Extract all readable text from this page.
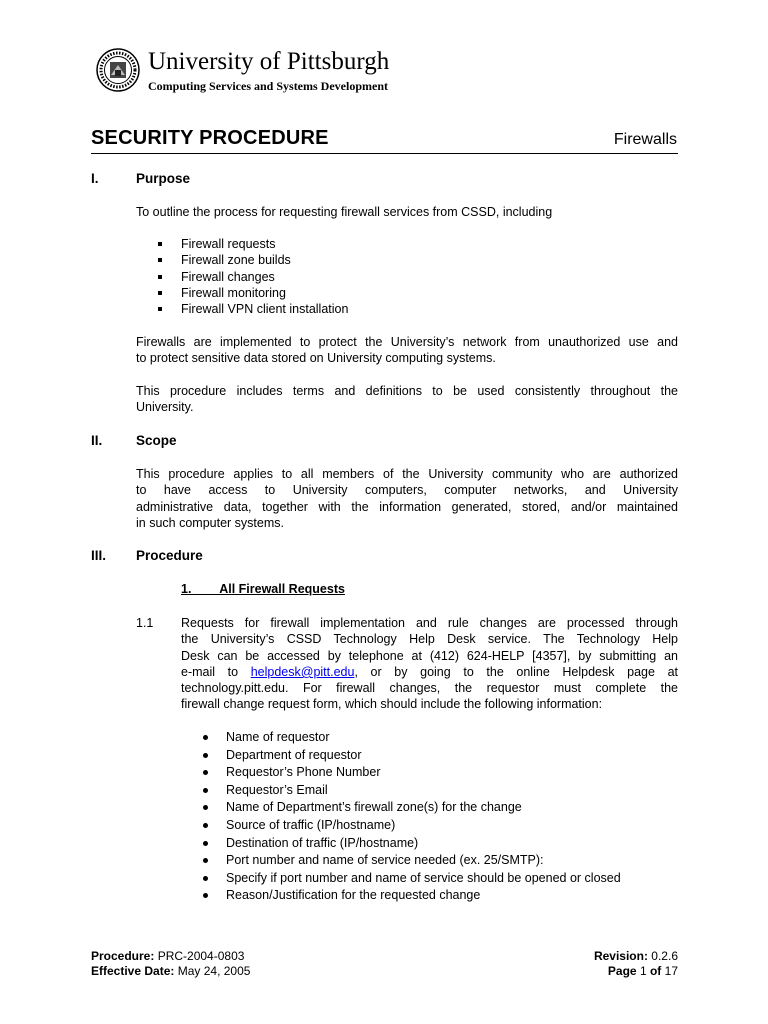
University of Pittsburgh
Computing Services and Systems Development
SECURITY PROCEDURE	Firewalls
I.	Purpose
To outline the process for requesting firewall services from CSSD, including
Firewall requests
Firewall zone builds
Firewall changes
Firewall monitoring
Firewall VPN client installation
Firewalls are implemented to protect the University’s network from unauthorized use and
to protect sensitive data stored on University computing systems.
This procedure includes terms and definitions to be used consistently throughout the
University.
II. Scope
This procedure applies to all members of the University community who are authorized
to have access to University computers, computer networks, and University
administrative data, together with the information generated, stored, and/or maintained
in such computer systems.
III. Procedure
1.        All Firewall Requests
1.1 Requests for firewall implementation and rule changes are processed through
the University’s CSSD Technology Help Desk service. The Technology Help
Desk can be accessed by telephone at (412) 624-HELP [4357], by submitting an
e-mail to helpdesk@pitt.edu, or by going to the online Helpdesk page at
technology.pitt.edu. For firewall changes, the requestor must complete the
firewall change request form, which should include the following information:
Name of requestor
Department of requestor
Requestor’s Phone Number
Requestor’s Email
Name of Department’s firewall zone(s) for the change
Source of traffic (IP/hostname)
Destination of traffic (IP/hostname)
Port number and name of service needed (ex. 25/SMTP):
Specify if port number and name of service should be opened or closed
Reason/Justification for the requested change
Procedure: PRC-2004-0803
Effective Date: May 24, 2005
Revision: 0.2.6
Page 1 of 17
